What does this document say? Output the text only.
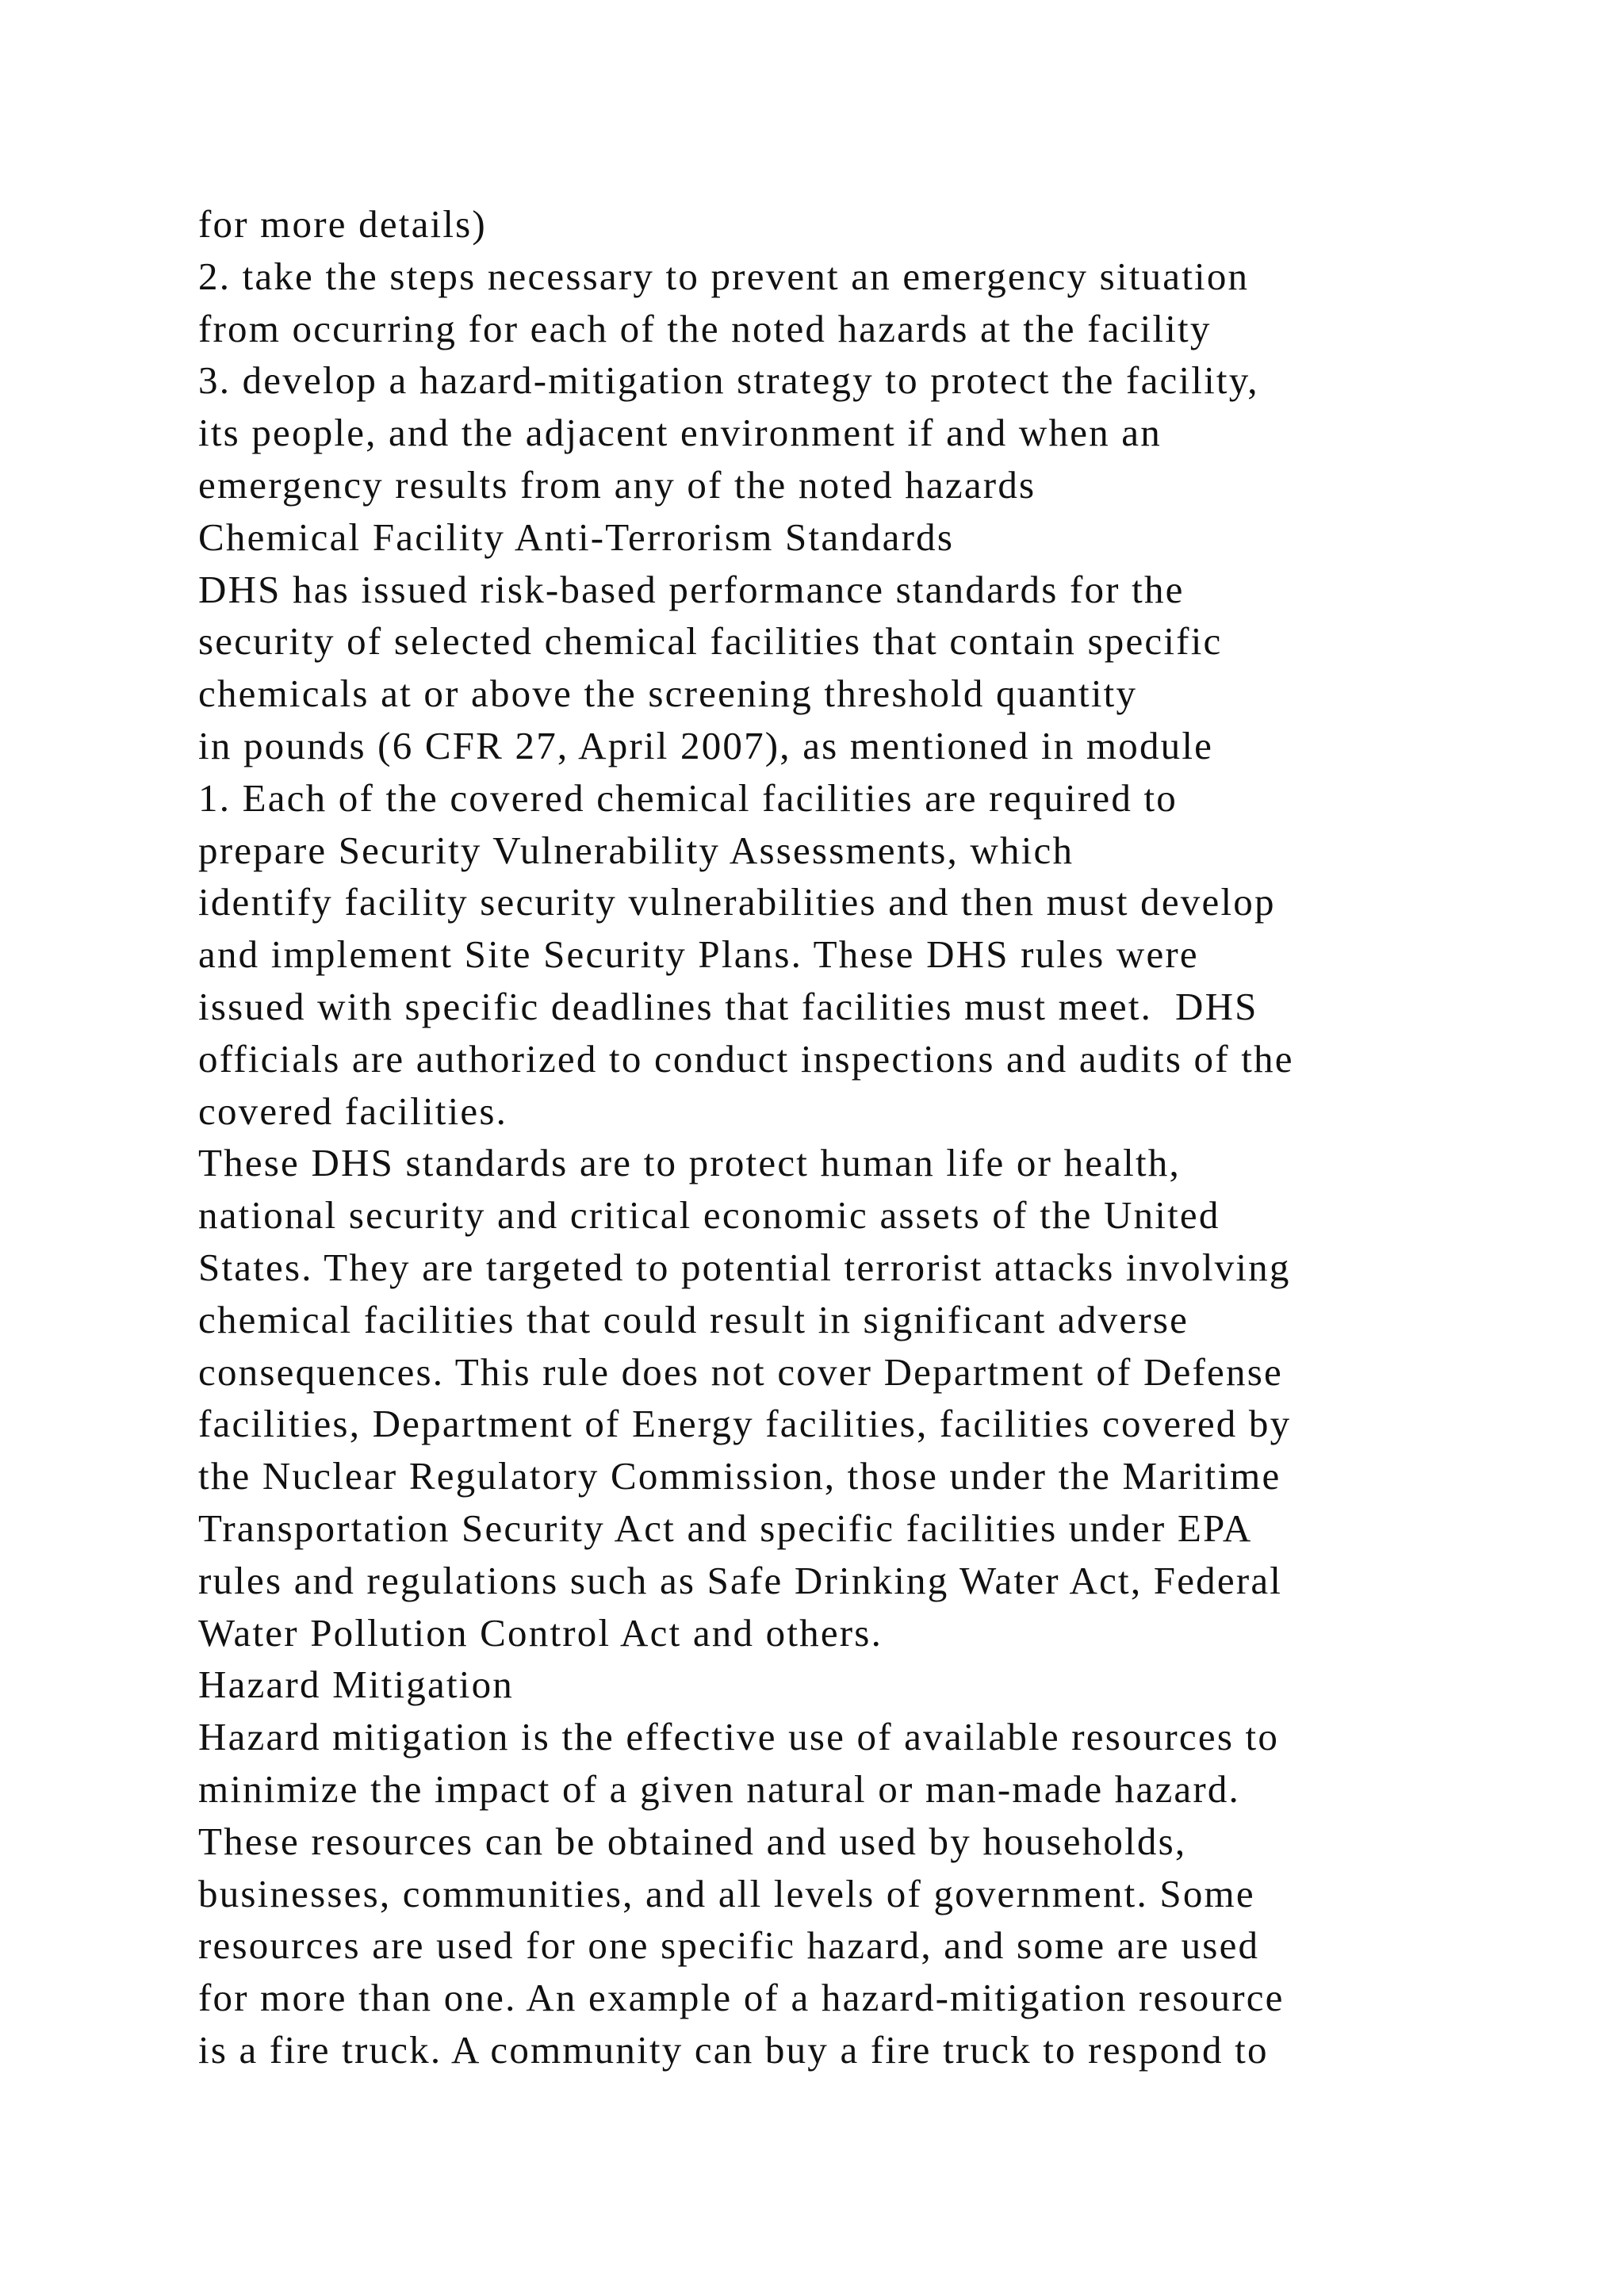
for more details)
2. take the steps necessary to prevent an emergency situation
from occurring for each of the noted hazards at the facility
3. develop a hazard-mitigation strategy to protect the facility,
its people, and the adjacent environment if and when an
emergency results from any of the noted hazards
Chemical Facility Anti-Terrorism Standards
DHS has issued risk-based performance standards for the
security of selected chemical facilities that contain specific
chemicals at or above the screening threshold quantity
in pounds (6 CFR 27, April 2007), as mentioned in module
1. Each of the covered chemical facilities are required to
prepare Security Vulnerability Assessments, which
identify facility security vulnerabilities and then must develop
and implement Site Security Plans. These DHS rules were
issued with specific deadlines that facilities must meet.  DHS
officials are authorized to conduct inspections and audits of the
covered facilities.
These DHS standards are to protect human life or health,
national security and critical economic assets of the United
States. They are targeted to potential terrorist attacks involving
chemical facilities that could result in significant adverse
consequences. This rule does not cover Department of Defense
facilities, Department of Energy facilities, facilities covered by
the Nuclear Regulatory Commission, those under the Maritime
Transportation Security Act and specific facilities under EPA
rules and regulations such as Safe Drinking Water Act, Federal
Water Pollution Control Act and others.
Hazard Mitigation
Hazard mitigation is the effective use of available resources to
minimize the impact of a given natural or man-made hazard.
These resources can be obtained and used by households,
businesses, communities, and all levels of government. Some
resources are used for one specific hazard, and some are used
for more than one. An example of a hazard-mitigation resource
is a fire truck. A community can buy a fire truck to respond to
